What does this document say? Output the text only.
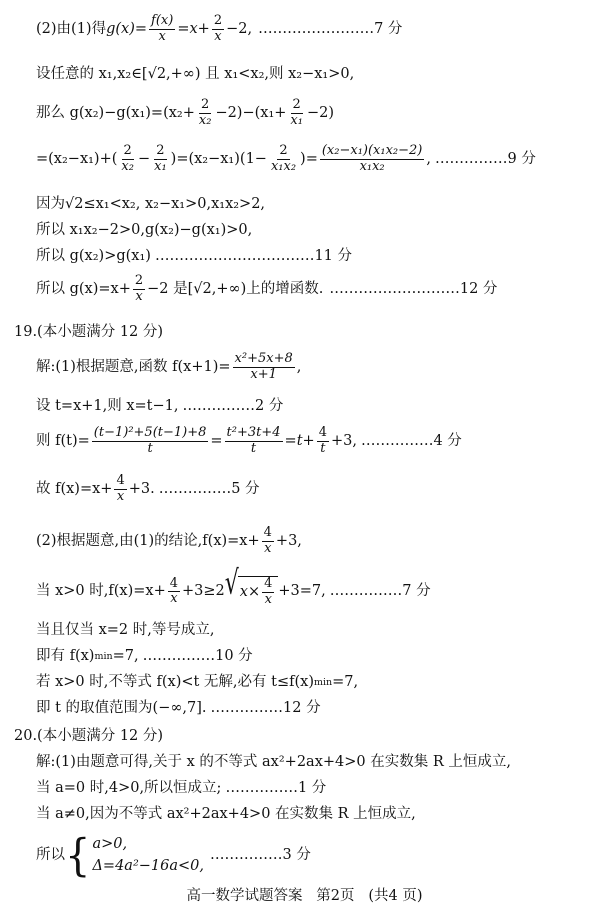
(2)由(1)得 $g(x)= \frac{f(x)}{x} =x+ \frac{2}{x} -2$, …………………… 7 分
设任意的 x₁,x₂∈[√2,+∞) 且 x₁<x₂,则 x₂−x₁>0,
那么 $g(x_2)-g(x_1)=(x_2+ \frac{2}{\text{x₂}} -2)-(x_1+ \frac{2}{\text{x₁}} -2)$
$=(x_2-x_1)+( \frac{2}{\text{x₂}} - \frac{2}{\text{x₁}} )=(x_2-x_1)(1- \frac{2}{\text{x₁x₂}}$ )= $\frac{\text{(x₂−x₁)(x₁x₂−2)}}{\text{x₁x₂}}$ , …………… 9 分
因为√2≤x₁<x₂, x₂−x₁>0,x₁x₂>2,
所以 x₁x₂−2>0,g(x₂)−g(x₁)>0,
所以 g(x₂)>g(x₁) …………………………… 11 分
所以 $g(x)=x+ \frac{2}{x} -2$ 是[√2,+∞)上的增函数. ……………………… 12 分
19.(本小题满分 12 分)
解:(1)根据题意,函数 $f(x+1)= \frac{\text{x²+5x+8}}{x+1}$ ,
设 t=x+1,则 x=t−1, …………… 2 分
则 $f(t)= \frac{\text{(t−1)²+5(t−1)+8}}{t} = \frac{\text{t²+3t+4}}{t} =t+ \frac{4}{t} +3$, …………… 4 分
故 $f(x)=x+ \frac{4}{x} +3$. …………… 5 分
(2)根据题意,由(1)的结论$,f(x)=x+ \frac{4}{x} +3$,
当 x>0 时$,f(x)=x+ \frac{4}{x} +3\ge 2$ √ $x\times \frac{4}{x} +3=7$, …………… 7 分
当且仅当 x=2 时,等号成立,
即有 f(x) min =7, …………… 10 分
若 x>0 时,不等式 f(x)<t 无解,必有 t≤f(x) min =7,
即 t 的取值范围为(−∞,7]. …………… 12 分
20.(本小题满分 12 分)
解:(1)由题意可得,关于 x 的不等式 ax²+2ax+4>0 在实数集 R 上恒成立,
当 a=0 时,4>0,所以恒成立; …………… 1 分
当 a≠0,因为不等式 ax²+2ax+4>0 在实数集 R 上恒成立,
所以 { a>0,
Δ=4a²−16a<0,
…………… 3 分
高一数学试题答案   第2页   (共4 页)
